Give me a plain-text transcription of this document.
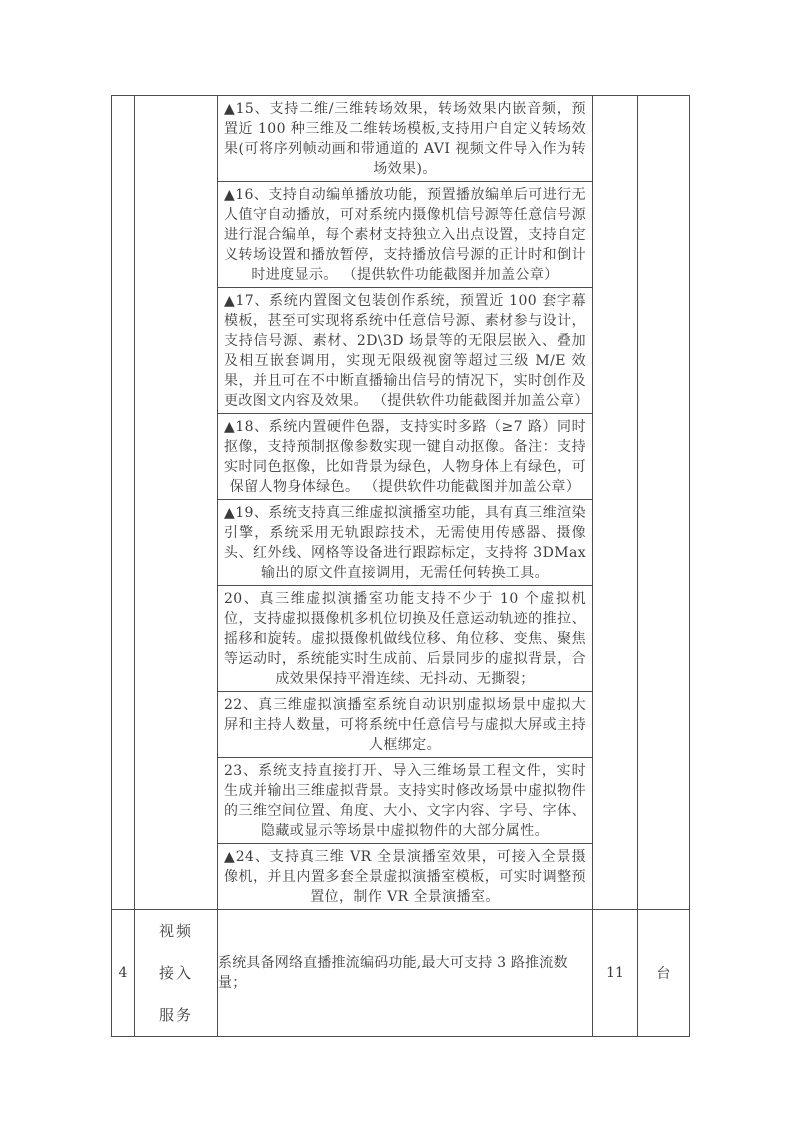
▲15、支持二维/三维转场效果，转场效果内嵌音频，预置近 100 种三维及二维转场模板,支持用户自定义转场效果(可将序列帧动画和带通道的 AVI 视频文件导入作为转场效果)。
▲16、支持自动编单播放功能，预置播放编单后可进行无人值守自动播放，可对系统内摄像机信号源等任意信号源进行混合编单，每个素材支持独立入出点设置，支持自定义转场设置和播放暂停，支持播放信号源的正计时和倒计时进度显示。 （提供软件功能截图并加盖公章）
▲17、系统内置图文包装创作系统，预置近 100 套字幕模板，甚至可实现将系统中任意信号源、素材参与设计，支持信号源、素材、2D\3D 场景等的无限层嵌入、叠加及相互嵌套调用，实现无限级视窗等超过三级 M/E 效果，并且可在不中断直播输出信号的情况下，实时创作及更改图文内容及效果。 （提供软件功能截图并加盖公章）
▲18、系统内置硬件色器，支持实时多路（≥7 路）同时抠像，支持预制抠像参数实现一键自动抠像。备注：支持实时同色抠像，比如背景为绿色，人物身体上有绿色，可保留人物身体绿色。 （提供软件功能截图并加盖公章）
▲19、系统支持真三维虚拟演播室功能，具有真三维渲染引擎，系统采用无轨跟踪技术，无需使用传感器、摄像头、红外线、网格等设备进行跟踪标定，支持将 3DMax 输出的原文件直接调用，无需任何转换工具。
20、真三维虚拟演播室功能支持不少于 10 个虚拟机位，支持虚拟摄像机多机位切换及任意运动轨迹的推拉、摇移和旋转。虚拟摄像机做线位移、角位移、变焦、聚焦等运动时，系统能实时生成前、后景同步的虚拟背景，合成效果保持平滑连续、无抖动、无撕裂；
22、真三维虚拟演播室系统自动识别虚拟场景中虚拟大屏和主持人数量，可将系统中任意信号与虚拟大屏或主持人框绑定。
23、系统支持直接打开、导入三维场景工程文件，实时生成并输出三维虚拟背景。支持实时修改场景中虚拟物件的三维空间位置、角度、大小、文字内容、字号、字体、隐藏或显示等场景中虚拟物件的大部分属性。
▲24、支持真三维 VR 全景演播室效果，可接入全景摄像机，并且内置多套全景虚拟演播室模板，可实时调整预置位，制作 VR 全景演播室。

4	视频
接入
服务	系统具备网络直播推流编码功能,最大可支持 3 路推流数量；	11	台
